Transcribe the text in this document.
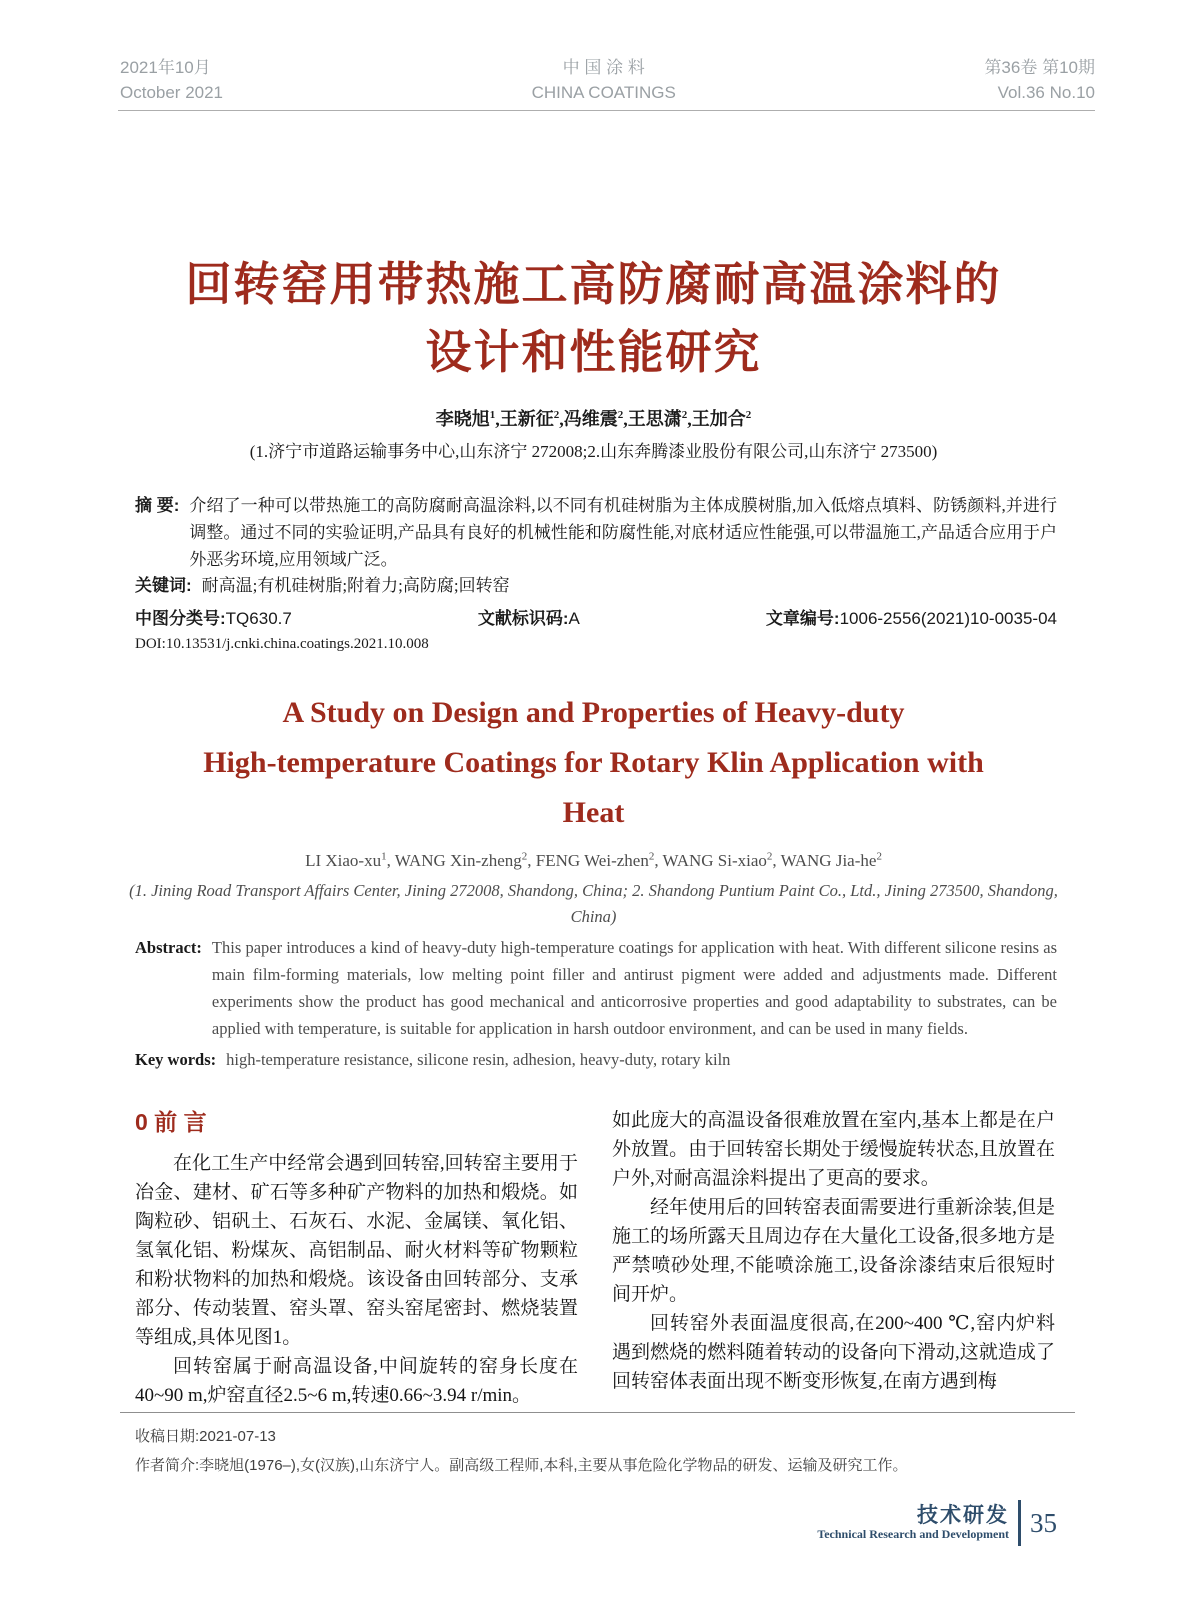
2021年10月
October 2021
中 国 涂 料
CHINA COATINGS
第36卷 第10期
Vol.36 No.10
回转窑用带热施工高防腐耐高温涂料的
设计和性能研究
李晓旭$^1$,王新征$^2$,冯维震$^2$,王思潇$^2$,王加合$^2$
(1.济宁市道路运输事务中心,山东济宁 272008;2.山东奔腾漆业股份有限公司,山东济宁 273500)
摘 要: 介绍了一种可以带热施工的高防腐耐高温涂料,以不同有机硅树脂为主体成膜树脂,加入低熔点填料、防锈颜料,并进行调整。通过不同的实验证明,产品具有良好的机械性能和防腐性能,对底材适应性能强,可以带温施工,产品适合应用于户外恶劣环境,应用领域广泛。
关键词: 耐高温;有机硅树脂;附着力;高防腐;回转窑
中图分类号:TQ630.7	文献标识码:A	文章编号:1006-2556(2021)10-0035-04
DOI:10.13531/j.cnki.china.coatings.2021.10.008
A Study on Design and Properties of Heavy-duty
High-temperature Coatings for Rotary Klin Application with
Heat
LI Xiao-$xu^1$, WANG Xin-zheng$^2$, FENG Wei-zhen$^2$, WANG Si-xiao$^2$, WANG Jia-$he^2$
(1. Jining Road Transport Affairs Center, Jining 272008, Shandong, China; 2. Shandong Puntium Paint Co., Ltd., Jining 273500, Shandong, China)
Abstract: This paper introduces a kind of heavy-duty high-temperature coatings for application with heat. With different silicone resins as main film-forming materials, low melting point filler and antirust pigment were added and adjustments made. Different experiments show the product has good mechanical and anticorrosive properties and good adaptability to substrates, can be applied with temperature, is suitable for application in harsh outdoor environment, and can be used in many fields.
Key words: high-temperature resistance, silicone resin, adhesion, heavy-duty, rotary kiln
0 前 言

在化工生产中经常会遇到回转窑,回转窑主要用于冶金、建材、矿石等多种矿产物料的加热和煅烧。如陶粒砂、铝矾土、石灰石、水泥、金属镁、氧化铝、氢氧化铝、粉煤灰、高铝制品、耐火材料等矿物颗粒和粉状物料的加热和煅烧。该设备由回转部分、支承部分、传动装置、窑头罩、窑头窑尾密封、燃烧装置等组成,具体见图1。

回转窑属于耐高温设备,中间旋转的窑身长度在40~90 m,炉窑直径2.5~6 m,转速0.66~3.94 r/min。

如此庞大的高温设备很难放置在室内,基本上都是在户外放置。由于回转窑长期处于缓慢旋转状态,且放置在户外,对耐高温涂料提出了更高的要求。

经年使用后的回转窑表面需要进行重新涂装,但是施工的场所露天且周边存在大量化工设备,很多地方是严禁喷砂处理,不能喷涂施工,设备涂漆结束后很短时间开炉。

回转窑外表面温度很高,在200~400 ℃,窑内炉料遇到燃烧的燃料随着转动的设备向下滑动,这就造成了回转窑体表面出现不断变形恢复,在南方遇到梅

收稿日期:2021-07-13
作者简介:李晓旭(1976–),女(汉族),山东济宁人。副高级工程师,本科,主要从事危险化学物品的研发、运输及研究工作。
技术研发
Technical Research and Development 35
